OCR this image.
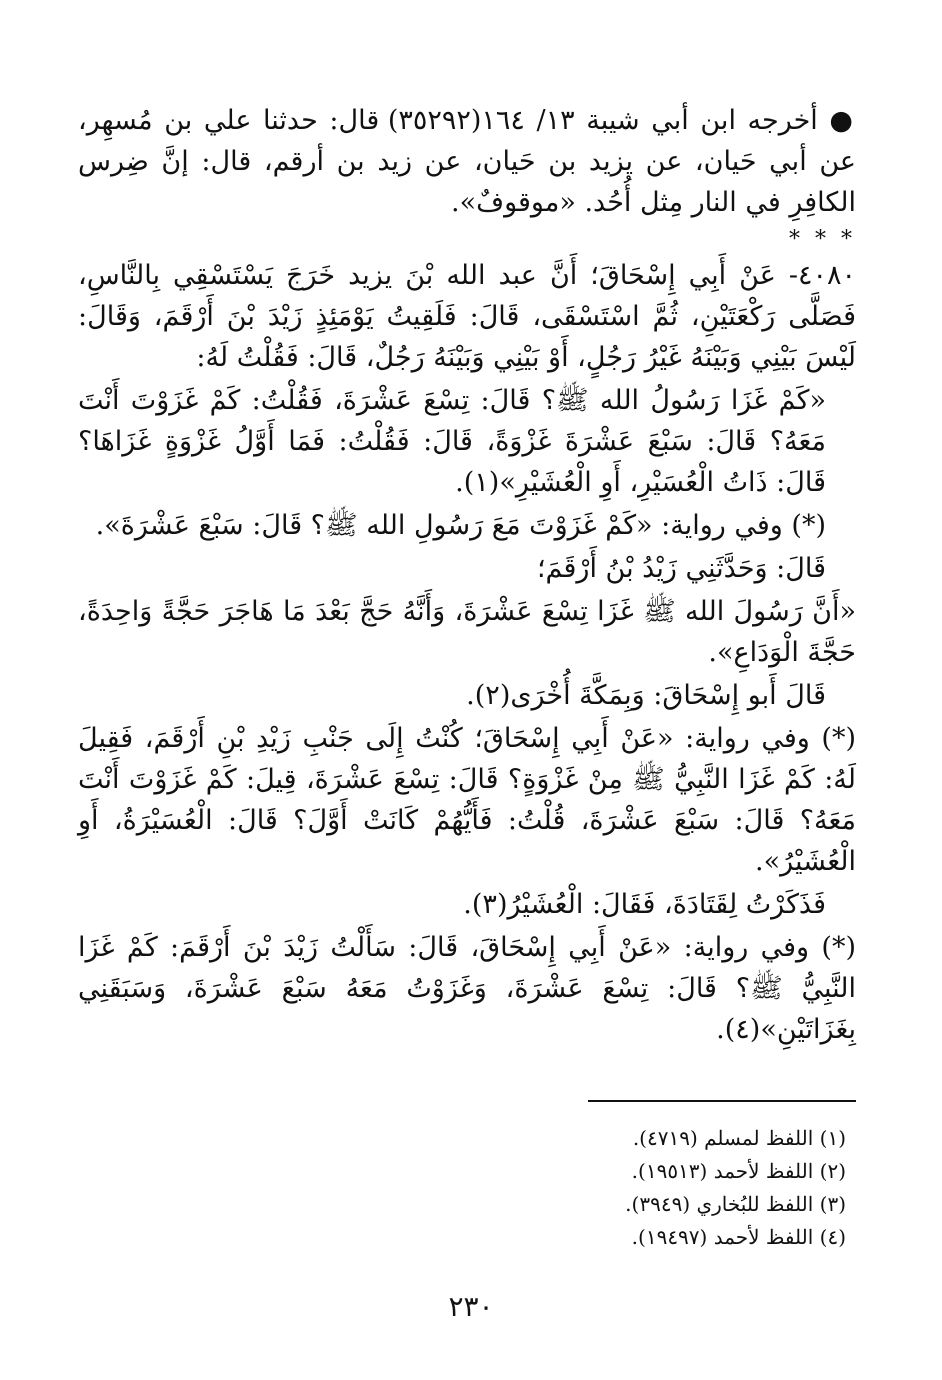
● أخرجه ابن أبي شيبة ١٣/ ١٦٤(٣٥٢٩٢) قال: حدثنا علي بن مُسهِر، عن أبي حَيان، عن يزيد بن حَيان، عن زيد بن أرقم، قال: إنَّ ضِرس الكافِرِ في النار مِثل أُحُد. «موقوفٌ».

* * *

٤٠٨٠- عَنْ أَبِي إِسْحَاقَ؛ أَنَّ عبد الله بْنَ يزيد خَرَجَ يَسْتَسْقِي بِالنَّاسِ، فَصَلَّى رَكْعَتَيْنِ، ثُمَّ اسْتَسْقَى، قَالَ: فَلَقِيتُ يَوْمَئِذٍ زَيْدَ بْنَ أَرْقَمَ، وَقَالَ: لَيْسَ بَيْنِي وَبَيْنَهُ غَيْرُ رَجُلٍ، أَوْ بَيْنِي وَبَيْنَهُ رَجُلٌ، قَالَ: فَقُلْتُ لَهُ:

«كَمْ غَزَا رَسُولُ الله ﷺ؟ قَالَ: تِسْعَ عَشْرَةَ، فَقُلْتُ: كَمْ غَزَوْتَ أَنْتَ مَعَهُ؟ قَالَ: سَبْعَ عَشْرَةَ غَزْوَةً، قَالَ: فَقُلْتُ: فَمَا أَوَّلُ غَزْوَةٍ غَزَاهَا؟ قَالَ: ذَاتُ الْعُسَيْرِ، أَوِ الْعُشَيْرِ»(١).

(*) وفي رواية: «كَمْ غَزَوْتَ مَعَ رَسُولِ الله ﷺ؟ قَالَ: سَبْعَ عَشْرَةَ».

قَالَ: وَحَدَّثَنِي زَيْدُ بْنُ أَرْقَمَ؛

«أَنَّ رَسُولَ الله ﷺ غَزَا تِسْعَ عَشْرَةَ، وَأَنَّهُ حَجَّ بَعْدَ مَا هَاجَرَ حَجَّةً وَاحِدَةً، حَجَّةَ الْوَدَاعِ».

قَالَ أَبو إِسْحَاقَ: وَبِمَكَّةَ أُخْرَى(٢).

(*) وفي رواية: «عَنْ أَبِي إِسْحَاقَ؛ كُنْتُ إِلَى جَنْبِ زَيْدِ بْنِ أَرْقَمَ، فَقِيلَ لَهُ: كَمْ غَزَا النَّبِيُّ ﷺ مِنْ غَزْوَةٍ؟ قَالَ: تِسْعَ عَشْرَةَ، قِيلَ: كَمْ غَزَوْتَ أَنْتَ مَعَهُ؟ قَالَ: سَبْعَ عَشْرَةَ، قُلْتُ: فَأَيُّهُمْ كَانَتْ أَوَّلَ؟ قَالَ: الْعُسَيْرَةُ، أَوِ الْعُشَيْرُ».

فَذَكَرْتُ لِقَتَادَةَ، فَقَالَ: الْعُشَيْرُ(٣).

(*) وفي رواية: «عَنْ أَبِي إِسْحَاقَ، قَالَ: سَأَلْتُ زَيْدَ بْنَ أَرْقَمَ: كَمْ غَزَا النَّبِيُّ ﷺ؟ قَالَ: تِسْعَ عَشْرَةَ، وَغَزَوْتُ مَعَهُ سَبْعَ عَشْرَةَ، وَسَبَقَنِي بِغَزَاتَيْنِ»(٤).

(١) اللفظ لمسلم (٤٧١٩).

(٢) اللفظ لأحمد (١٩٥١٣).

(٣) اللفظ للبُخاري (٣٩٤٩).

(٤) اللفظ لأحمد (١٩٤٩٧).

٢٣٠
